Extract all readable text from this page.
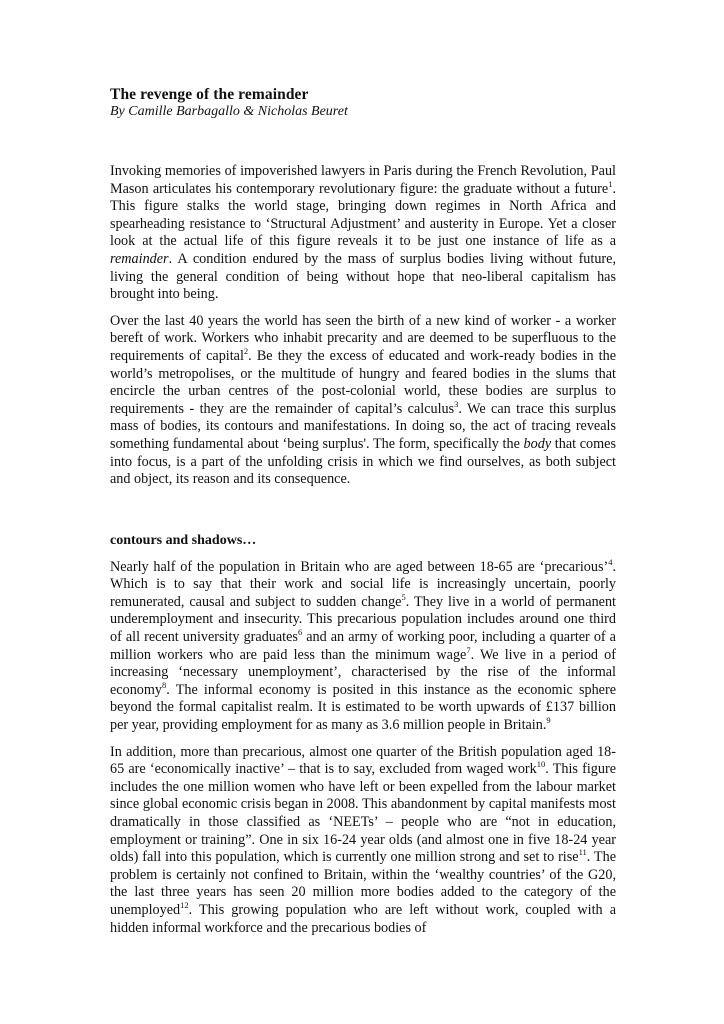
The revenge of the remainder

By Camille Barbagallo & Nicholas Beuret

Invoking memories of impoverished lawyers in Paris during the French Revolution, Paul Mason articulates his contemporary revolutionary figure: the graduate without a future$^1$. This figure stalks the world stage, bringing down regimes in North Africa and spearheading resistance to ‘Structural Adjustment’ and austerity in Europe. Yet a closer look at the actual life of this figure reveals it to be just one instance of life as a remainder. A condition endured by the mass of surplus bodies living without future, living the general condition of being without hope that neo-liberal capitalism has brought into being.

Over the last 40 years the world has seen the birth of a new kind of worker - a worker bereft of work. Workers who inhabit precarity and are deemed to be superfluous to the requirements of capital$^2$. Be they the excess of educated and work-ready bodies in the world’s metropolises, or the multitude of hungry and feared bodies in the slums that encircle the urban centres of the post-colonial world, these bodies are surplus to requirements - they are the remainder of capital’s calculus$^3$. We can trace this surplus mass of bodies, its contours and manifestations. In doing so, the act of tracing reveals something fundamental about ‘being surplus'. The form, specifically the body that comes into focus, is a part of the unfolding crisis in which we find ourselves, as both subject and object, its reason and its consequence.

contours and shadows…

Nearly half of the population in Britain who are aged between 18-65 are ‘precarious’$^4$. Which is to say that their work and social life is increasingly uncertain, poorly remunerated, causal and subject to sudden change$^5$. They live in a world of permanent underemployment and insecurity. This precarious population includes around one third of all recent university graduates$^6$ and an army of working poor, including a quarter of a million workers who are paid less than the minimum wage$^7$. We live in a period of increasing ‘necessary unemployment’, characterised by the rise of the informal economy$^8$. The informal economy is posited in this instance as the economic sphere beyond the formal capitalist realm. It is estimated to be worth upwards of £137 billion per year, providing employment for as many as 3.6 million people in Britain.$^9$

In addition, more than precarious, almost one quarter of the British population aged 18-65 are ‘economically inactive’ – that is to say, excluded from waged work$^{10}$. This figure includes the one million women who have left or been expelled from the labour market since global economic crisis began in 2008. This abandonment by capital manifests most dramatically in those classified as ‘NEETs’ – people who are “not in education, employment or training”. One in six 16-24 year olds (and almost one in five 18-24 year olds) fall into this population, which is currently one million strong and set to rise$^{11}$. The problem is certainly not confined to Britain, within the ‘wealthy countries’ of the G20, the last three years has seen 20 million more bodies added to the category of the unemployed$^{12}$. This growing population who are left without work, coupled with a hidden informal workforce and the precarious bodies of
